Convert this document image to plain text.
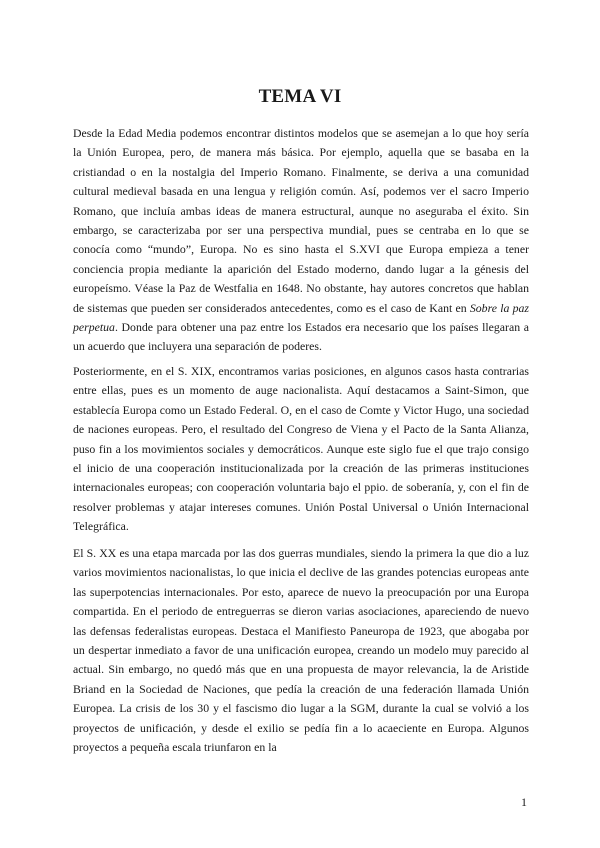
TEMA VI

Desde la Edad Media podemos encontrar distintos modelos que se asemejan a lo que hoy sería la Unión Europea, pero, de manera más básica. Por ejemplo, aquella que se basaba en la cristiandad o en la nostalgia del Imperio Romano. Finalmente, se deriva a una comunidad cultural medieval basada en una lengua y religión común. Así, podemos ver el sacro Imperio Romano, que incluía ambas ideas de manera estructural, aunque no aseguraba el éxito. Sin embargo, se caracterizaba por ser una perspectiva mundial, pues se centraba en lo que se conocía como “mundo”, Europa. No es sino hasta el S.XVI que Europa empieza a tener conciencia propia mediante la aparición del Estado moderno, dando lugar a la génesis del europeísmo. Véase la Paz de Westfalia en 1648. No obstante, hay autores concretos que hablan de sistemas que pueden ser considerados antecedentes, como es el caso de Kant en Sobre la paz perpetua. Donde para obtener una paz entre los Estados era necesario que los países llegaran a un acuerdo que incluyera una separación de poderes.

Posteriormente, en el S. XIX, encontramos varias posiciones, en algunos casos hasta contrarias entre ellas, pues es un momento de auge nacionalista. Aquí destacamos a Saint-Simon, que establecía Europa como un Estado Federal. O, en el caso de Comte y Victor Hugo, una sociedad de naciones europeas. Pero, el resultado del Congreso de Viena y el Pacto de la Santa Alianza, puso fin a los movimientos sociales y democráticos. Aunque este siglo fue el que trajo consigo el inicio de una cooperación institucionalizada por la creación de las primeras instituciones internacionales europeas; con cooperación voluntaria bajo el ppio. de soberanía, y, con el fin de resolver problemas y atajar intereses comunes. Unión Postal Universal o Unión Internacional Telegráfica.

El S. XX es una etapa marcada por las dos guerras mundiales, siendo la primera la que dio a luz varios movimientos nacionalistas, lo que inicia el declive de las grandes potencias europeas ante las superpotencias internacionales. Por esto, aparece de nuevo la preocupación por una Europa compartida. En el periodo de entreguerras se dieron varias asociaciones, apareciendo de nuevo las defensas federalistas europeas. Destaca el Manifiesto Paneuropa de 1923, que abogaba por un despertar inmediato a favor de una unificación europea, creando un modelo muy parecido al actual. Sin embargo, no quedó más que en una propuesta de mayor relevancia, la de Aristide Briand en la Sociedad de Naciones, que pedía la creación de una federación llamada Unión Europea. La crisis de los 30 y el fascismo dio lugar a la SGM, durante la cual se volvió a los proyectos de unificación, y desde el exilio se pedía fin a lo acaeciente en Europa. Algunos proyectos a pequeña escala triunfaron en la

1
